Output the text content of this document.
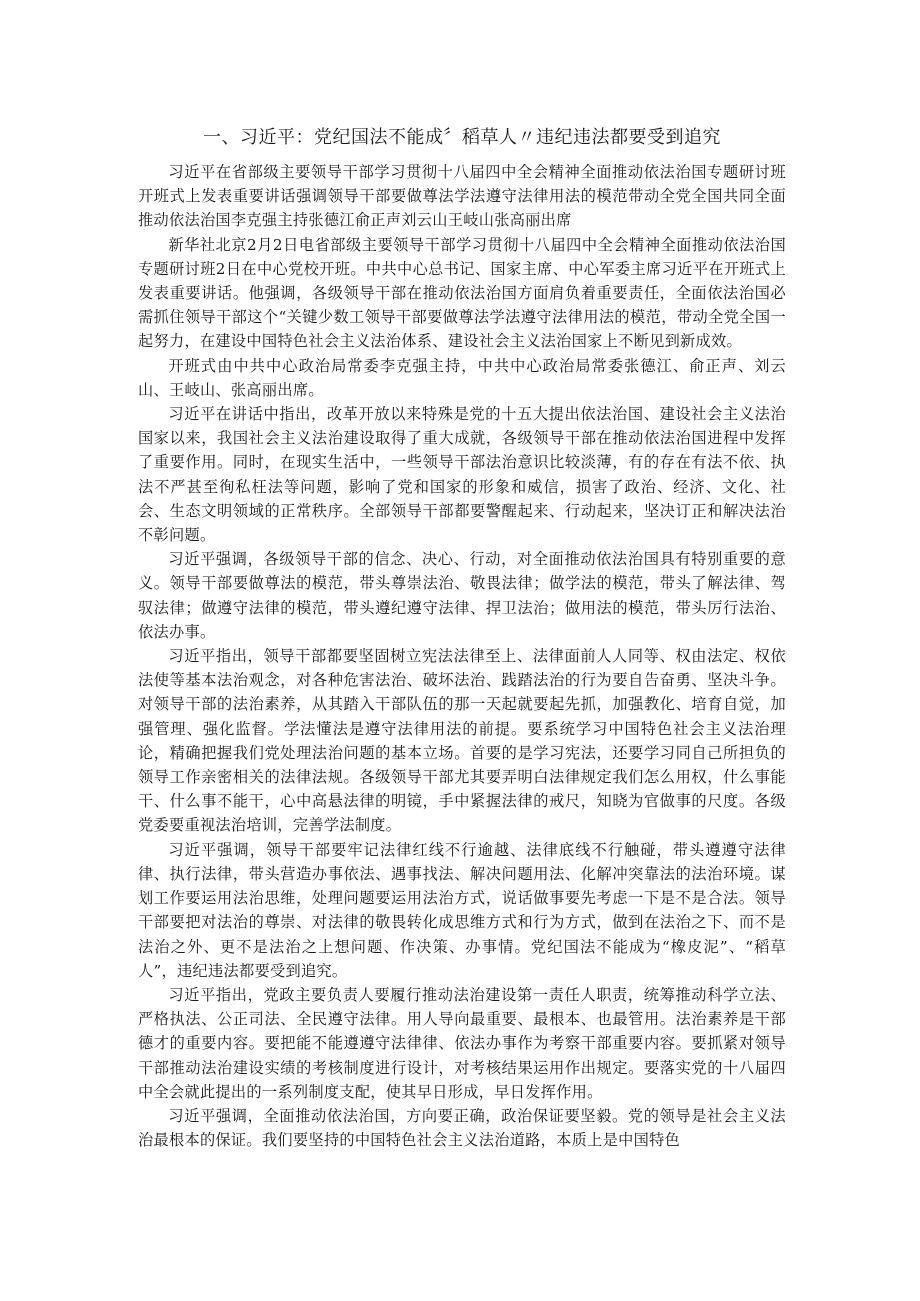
一、习近平：党纪国法不能成〞稻草人〃违纪违法都要受到追究

习近平在省部级主要领导干部学习贯彻十八届四中全会精神全面推动依法治国专题研讨班开班式上发表重要讲话强调领导干部要做尊法学法遵守法律用法的模范带动全党全国共同全面推动依法治国李克强主持张德江俞正声刘云山王岐山张高丽出席

新华社北京2月2日电省部级主要领导干部学习贯彻十八届四中全会精神全面推动依法治国专题研讨班2日在中心党校开班。中共中心总书记、国家主席、中心军委主席习近平在开班式上发表重要讲话。他强调，各级领导干部在推动依法治国方面肩负着重要责任，全面依法治国必需抓住领导干部这个“关键少数工领导干部要做尊法学法遵守法律用法的模范，带动全党全国一起努力，在建设中国特色社会主义法治体系、建设社会主义法治国家上不断见到新成效。

开班式由中共中心政治局常委李克强主持，中共中心政治局常委张德江、俞正声、刘云山、王岐山、张高丽出席。

习近平在讲话中指出，改革开放以来特殊是党的十五大提出依法治国、建设社会主义法治国家以来，我国社会主义法治建设取得了重大成就，各级领导干部在推动依法治国进程中发挥了重要作用。同时，在现实生活中，一些领导干部法治意识比较淡薄，有的存在有法不依、执法不严甚至徇私枉法等问题，影响了党和国家的形象和威信，损害了政治、经济、文化、社会、生态文明领域的正常秩序。全部领导干部都要警醒起来、行动起来，坚决订正和解决法治不彰问题。

习近平强调，各级领导干部的信念、决心、行动，对全面推动依法治国具有特别重要的意义。领导干部要做尊法的模范，带头尊崇法治、敬畏法律；做学法的模范，带头了解法律、驾驭法律；做遵守法律的模范，带头遵纪遵守法律、捍卫法治；做用法的模范，带头厉行法治、依法办事。

习近平指出，领导干部都要坚固树立宪法法律至上、法律面前人人同等、权由法定、权依法使等基本法治观念，对各种危害法治、破坏法治、践踏法治的行为要自告奋勇、坚决斗争。对领导干部的法治素养，从其踏入干部队伍的那一天起就要起先抓，加强教化、培育自觉，加强管理、强化监督。学法懂法是遵守法律用法的前提。要系统学习中国特色社会主义法治理论，精确把握我们党处理法治问题的基本立场。首要的是学习宪法，还要学习同自己所担负的领导工作亲密相关的法律法规。各级领导干部尤其要弄明白法律规定我们怎么用权，什么事能干、什么事不能干，心中高悬法律的明镜，手中紧握法律的戒尺，知晓为官做事的尺度。各级党委要重视法治培训，完善学法制度。

习近平强调，领导干部要牢记法律红线不行逾越、法律底线不行触碰，带头遵遵守法律律、执行法律，带头营造办事依法、遇事找法、解决问题用法、化解冲突靠法的法治环境。谋划工作要运用法治思维，处理问题要运用法治方式，说话做事要先考虑一下是不是合法。领导干部要把对法治的尊崇、对法律的敬畏转化成思维方式和行为方式，做到在法治之下、而不是法治之外、更不是法治之上想问题、作决策、办事情。党纪国法不能成为“橡皮泥”、“稻草人”，违纪违法都要受到追究。

习近平指出，党政主要负责人要履行推动法治建设第一责任人职责，统筹推动科学立法、严格执法、公正司法、全民遵守法律。用人导向最重要、最根本、也最管用。法治素养是干部德才的重要内容。要把能不能遵遵守法律律、依法办事作为考察干部重要内容。要抓紧对领导干部推动法治建设实绩的考核制度进行设计，对考核结果运用作出规定。要落实党的十八届四中全会就此提出的一系列制度支配，使其早日形成，早日发挥作用。

习近平强调，全面推动依法治国，方向要正确，政治保证要坚毅。党的领导是社会主义法治最根本的保证。我们要坚持的中国特色社会主义法治道路，本质上是中国特色
